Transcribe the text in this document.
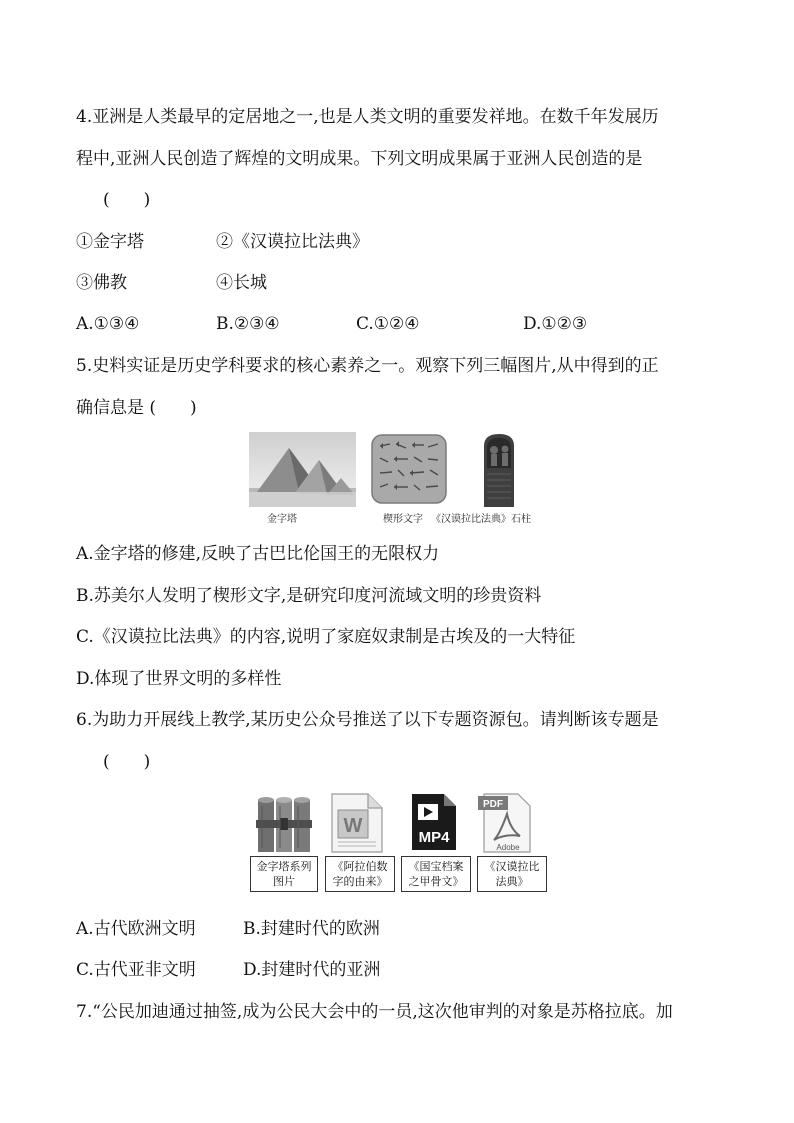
4.亚洲是人类最早的定居地之一,也是人类文明的重要发祥地。在数千年发展历
程中,亚洲人民创造了辉煌的文明成果。下列文明成果属于亚洲人民创造的是
(　　)
①金字塔	②《汉谟拉比法典》
③佛教	④长城
A.①③④	B.②③④	C.①②④	D.①②③
5.史料实证是历史学科要求的核心素养之一。观察下列三幅图片,从中得到的正
确信息是 (　　)
金字塔	楔形文字 《汉谟拉比法典》石柱
A.金字塔的修建,反映了古巴比伦国王的无限权力
B.苏美尔人发明了楔形文字,是研究印度河流域文明的珍贵资料
C.《汉谟拉比法典》的内容,说明了家庭奴隶制是古埃及的一大特征
D.体现了世界文明的多样性
6.为助力开展线上教学,某历史公众号推送了以下专题资源包。请判断该专题是
(　　)
W
MP4
PDF
Adobe
金字塔系列
图片
《阿拉伯数
字的由来》
《国宝档案
之甲骨文》
《汉谟拉比
法典》
A.古代欧洲文明	B.封建时代的欧洲
C.古代亚非文明	D.封建时代的亚洲
7.“公民加迪通过抽签,成为公民大会中的一员,这次他审判的对象是苏格拉底。加
